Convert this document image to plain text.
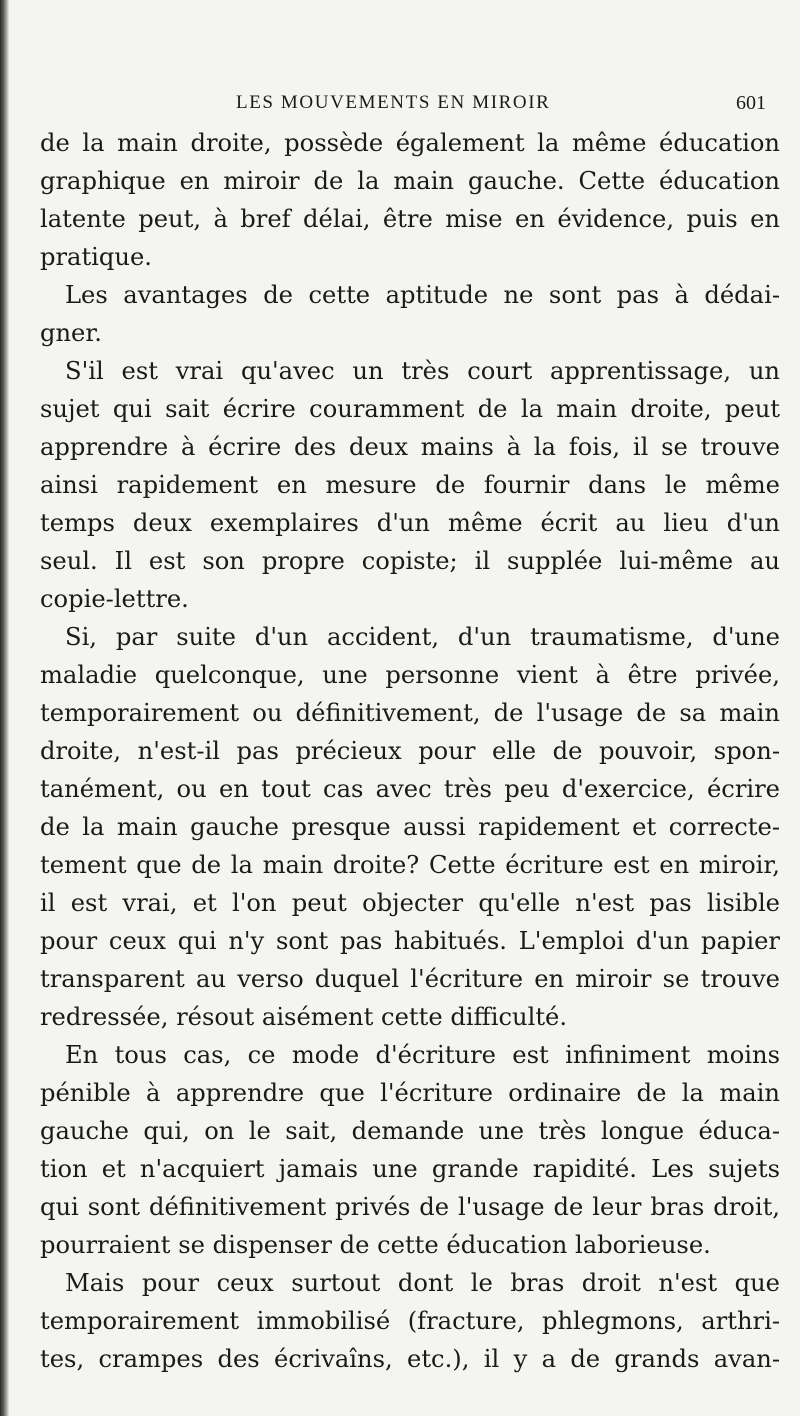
LES MOUVEMENTS EN MIROIR	601
de la main droite, possède également la même éducation
graphique en miroir de la main gauche. Cette éducation
latente peut, à bref délai, être mise en évidence, puis en
pratique.
Les avantages de cette aptitude ne sont pas à dédai-
gner.
S'il est vrai qu'avec un très court apprentissage, un
sujet qui sait écrire couramment de la main droite, peut
apprendre à écrire des deux mains à la fois, il se trouve
ainsi rapidement en mesure de fournir dans le même
temps deux exemplaires d'un même écrit au lieu d'un
seul. Il est son propre copiste; il supplée lui-même au
copie-lettre.
Si, par suite d'un accident, d'un traumatisme, d'une
maladie quelconque, une personne vient à être privée,
temporairement ou définitivement, de l'usage de sa main
droite, n'est-il pas précieux pour elle de pouvoir, spon-
tanément, ou en tout cas avec très peu d'exercice, écrire
de la main gauche presque aussi rapidement et correcte-
tement que de la main droite? Cette écriture est en miroir,
il est vrai, et l'on peut objecter qu'elle n'est pas lisible
pour ceux qui n'y sont pas habitués. L'emploi d'un papier
transparent au verso duquel l'écriture en miroir se trouve
redressée, résout aisément cette difficulté.
En tous cas, ce mode d'écriture est infiniment moins
pénible à apprendre que l'écriture ordinaire de la main
gauche qui, on le sait, demande une très longue éduca-
tion et n'acquiert jamais une grande rapidité. Les sujets
qui sont définitivement privés de l'usage de leur bras droit,
pourraient se dispenser de cette éducation laborieuse.
Mais pour ceux surtout dont le bras droit n'est que
temporairement immobilisé (fracture, phlegmons, arthri-
tes, crampes des écrivaîns, etc.), il y a de grands avan-
